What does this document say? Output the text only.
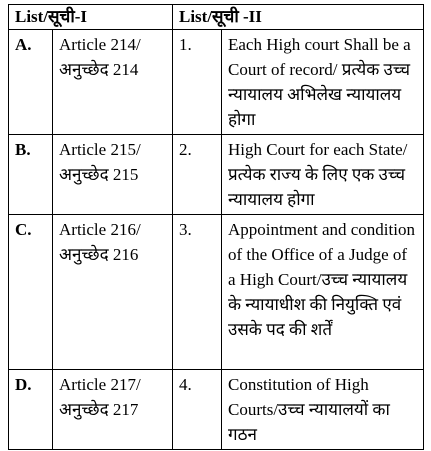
List/सूची-I		List/सूची -II	
A.	Article 214/अनुच्छेद 214	1.	Each High court Shall be a Court of record/ प्रत्येक उच्च न्यायालय अभिलेख न्यायालय होगा
B.	Article 215/ अनुच्छेद 215	2.	High Court for each State/प्रत्येक राज्य के लिए एक उच्च न्यायालय होगा
C.	Article 216/ अनुच्छेद 216	3.	Appointment and condition of the Office of a Judge of a High Court/उच्च न्यायालय के न्यायाधीश की नियुक्ति एवं उसके पद की शर्तें
D.	Article 217/ अनुच्छेद 217	4.	Constitution of High Courts/उच्च न्यायालयों का गठन
